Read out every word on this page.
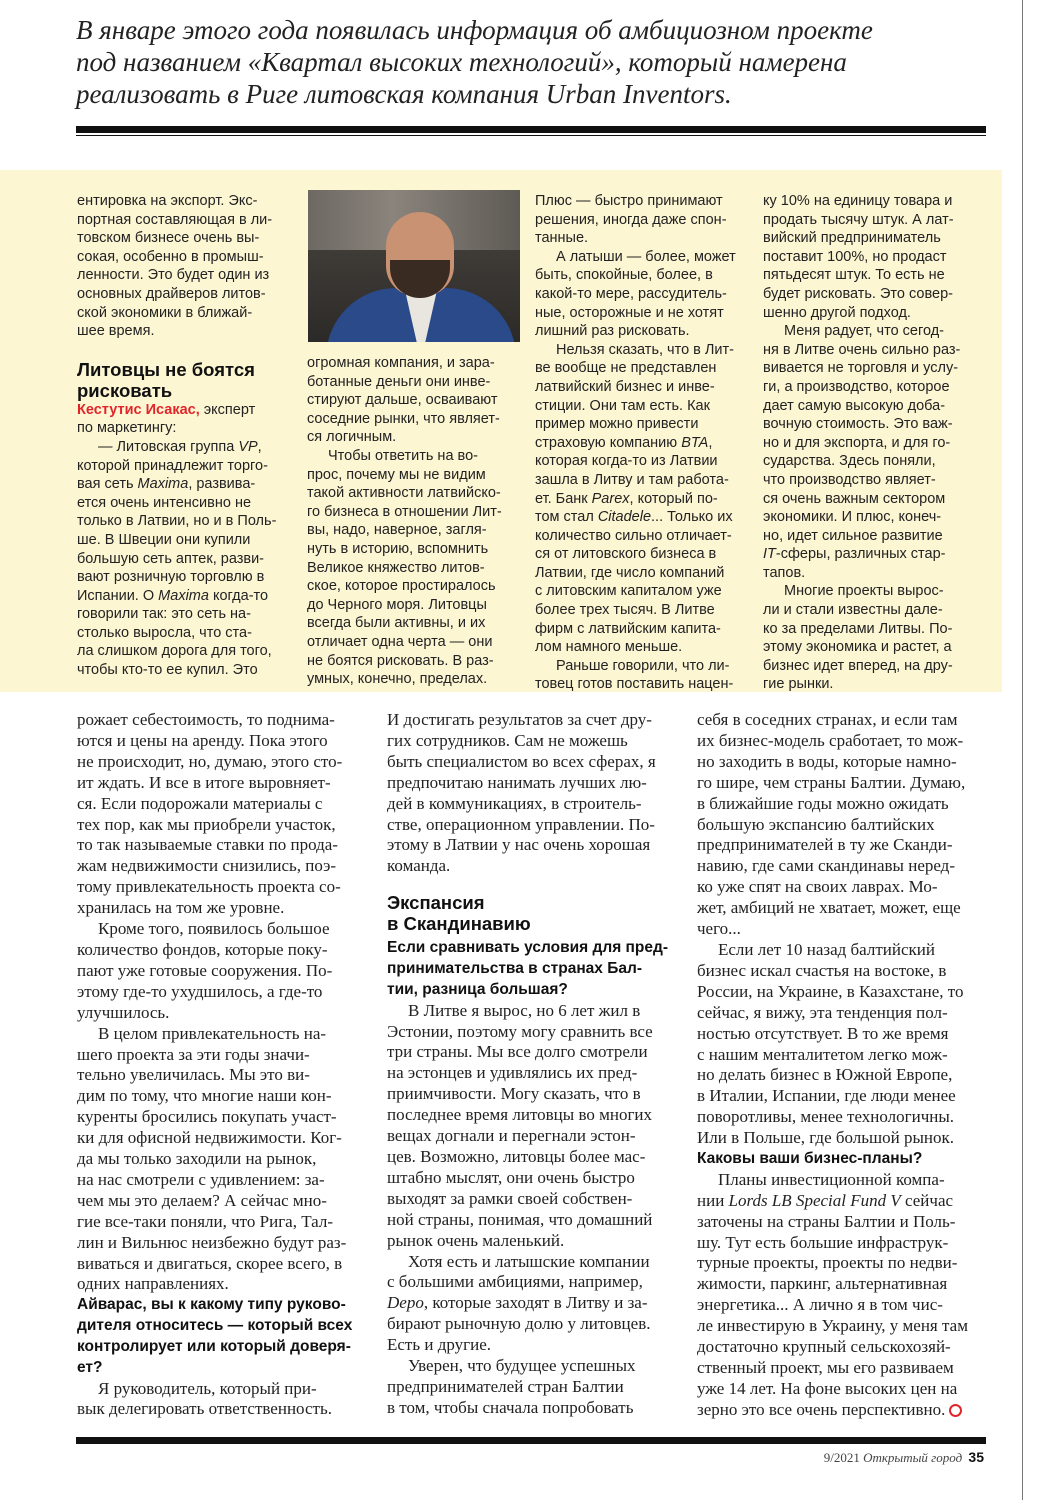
В январе этого года появилась информация об амбициозном проекте
под названием «Квартал высоких технологий», который намерена
реализовать в Риге литовская компания Urban Inventors.

ентировка на экспорт. Экс-

портная составляющая в ли-

товском бизнесе очень вы-

сокая, особенно в промыш-

ленности. Это будет один из

основных драйверов литов-

ской экономики в ближай-

шее время.

Литовцы не боятся
рисковать

Кестутис Исакас, эксперт

по маркетингу:

— Литовская группа VP,

которой принадлежит торго-

вая сеть Maxima, развива-

ется очень интенсивно не

только в Латвии, но и в Поль-

ше. В Швеции они купили

большую сеть аптек, разви-

вают розничную торговлю в

Испании. О Maxima когда-то

говорили так: это сеть на-

столько выросла, что ста-

ла слишком дорога для того,

чтобы кто-то ее купил. Это

огромная компания, и зара-

ботанные деньги они инве-

стируют дальше, осваивают

соседние рынки, что являет-

ся логичным.

Чтобы ответить на во-

прос, почему мы не видим

такой активности латвийско-

го бизнеса в отношении Лит-

вы, надо, наверное, загля-

нуть в историю, вспомнить

Великое княжество литов-

ское, которое простиралось

до Черного моря. Литовцы

всегда были активны, и их

отличает одна черта — они

не боятся рисковать. В раз-

умных, конечно, пределах.

Плюс — быстро принимают

решения, иногда даже спон-

танные.

А латыши — более, может

быть, спокойные, более, в

какой-то мере, рассудитель-

ные, осторожные и не хотят

лишний раз рисковать.

Нельзя сказать, что в Лит-

ве вообще не представлен

латвийский бизнес и инве-

стиции. Они там есть. Как

пример можно привести

страховую компанию BTA,

которая когда-то из Латвии

зашла в Литву и там работа-

ет. Банк Parex, который по-

том стал Citadele... Только их

количество сильно отличает-

ся от литовского бизнеса в

Латвии, где число компаний

с литовским капиталом уже

более трех тысяч. В Литве

фирм с латвийским капита-

лом намного меньше.

Раньше говорили, что ли-

товец готов поставить нацен-

ку 10% на единицу товара и

продать тысячу штук. А лат-

вийский предприниматель

поставит 100%, но продаст

пятьдесят штук. То есть не

будет рисковать. Это совер-

шенно другой подход.

Меня радует, что сегод-

ня в Литве очень сильно раз-

вивается не торговля и услу-

ги, а производство, которое

дает самую высокую доба-

вочную стоимость. Это важ-

но и для экспорта, и для го-

сударства. Здесь поняли,

что производство являет-

ся очень важным сектором

экономики. И плюс, конеч-

но, идет сильное развитие

IT-сферы, различных стар-

тапов.

Многие проекты вырос-

ли и стали известны дале-

ко за пределами Литвы. По-

этому экономика и растет, а

бизнес идет вперед, на дру-

гие рынки.

рожает себестоимость, то поднима-

ются и цены на аренду. Пока этого

не происходит, но, думаю, этого сто-

ит ждать. И все в итоге выровняет-

ся. Если подорожали материалы с

тех пор, как мы приобрели участок,

то так называемые ставки по прода-

жам недвижимости снизились, поэ-

тому привлекательность проекта со-

хранилась на том же уровне.

Кроме того, появилось большое

количество фондов, которые поку-

пают уже готовые сооружения. По-

этому где-то ухудшилось, а где-то

улучшилось.

В целом привлекательность на-

шего проекта за эти годы значи-

тельно увеличилась. Мы это ви-

дим по тому, что многие наши кон-

куренты бросились покупать участ-

ки для офисной недвижимости. Ког-

да мы только заходили на рынок,

на нас смотрели с удивлением: за-

чем мы это делаем? А сейчас мно-

гие все-таки поняли, что Рига, Тал-

лин и Вильнюс неизбежно будут раз-

виваться и двигаться, скорее всего, в

одних направлениях.

Айварас, вы к какому типу руково-

дителя относитесь — который всех

контролирует или который доверя-

ет?

Я руководитель, который при-

вык делегировать ответственность.

И достигать результатов за счет дру-

гих сотрудников. Сам не можешь

быть специалистом во всех сферах, я

предпочитаю нанимать лучших лю-

дей в коммуникациях, в строитель-

стве, операционном управлении. По-

этому в Латвии у нас очень хорошая

команда.

Экспансия
в Скандинавию

Если сравнивать условия для пред-

принимательства в странах Бал-

тии, разница большая?

В Литве я вырос, но 6 лет жил в

Эстонии, поэтому могу сравнить все

три страны. Мы все долго смотрели

на эстонцев и удивлялись их пред-

приимчивости. Могу сказать, что в

последнее время литовцы во многих

вещах догнали и перегнали эстон-

цев. Возможно, литовцы более мас-

штабно мыслят, они очень быстро

выходят за рамки своей собствен-

ной страны, понимая, что домашний

рынок очень маленький.

Хотя есть и латышские компании

с большими амбициями, например,

Depo, которые заходят в Литву и за-

бирают рыночную долю у литовцев.

Есть и другие.

Уверен, что будущее успешных

предпринимателей стран Балтии

в том, чтобы сначала попробовать

себя в соседних странах, и если там

их бизнес-модель сработает, то мож-

но заходить в воды, которые намно-

го шире, чем страны Балтии. Думаю,

в ближайшие годы можно ожидать

большую экспансию балтийских

предпринимателей в ту же Сканди-

навию, где сами скандинавы неред-

ко уже спят на своих лаврах. Мо-

жет, амбиций не хватает, может, еще

чего...

Если лет 10 назад балтийский

бизнес искал счастья на востоке, в

России, на Украине, в Казахстане, то

сейчас, я вижу, эта тенденция пол-

ностью отсутствует. В то же время

с нашим менталитетом легко мож-

но делать бизнес в Южной Европе,

в Италии, Испании, где люди менее

поворотливы, менее технологичны.

Или в Польше, где большой рынок.

Каковы ваши бизнес-планы?

Планы инвестиционной компа-

нии Lords LB Special Fund V сейчас

заточены на страны Балтии и Поль-

шу. Тут есть большие инфраструк-

турные проекты, проекты по недви-

жимости, паркинг, альтернативная

энергетика... А лично я в том чис-

ле инвестирую в Украину, у меня там

достаточно крупный сельскохозяй-

ственный проект, мы его развиваем

уже 14 лет. На фоне высоких цен на

зерно это все очень перспективно.

9/2021 Открытый город 35
